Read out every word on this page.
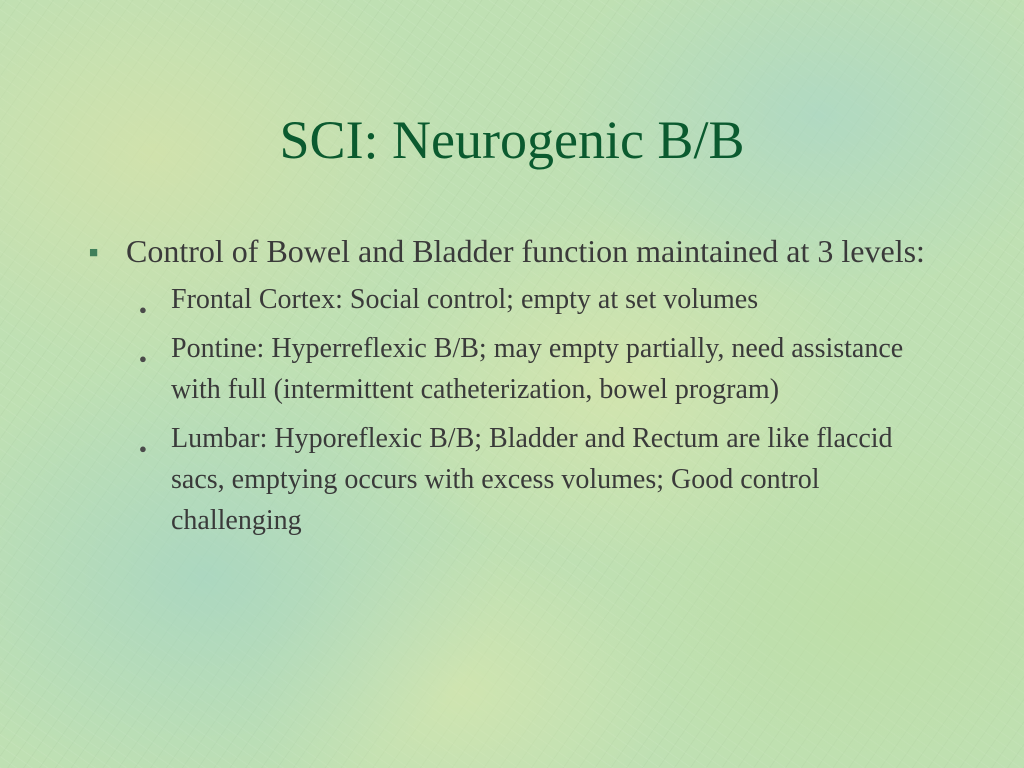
SCI: Neurogenic B/B
■ Control of Bowel and Bladder function maintained at 3 levels:
● Frontal Cortex: Social control; empty at set volumes
● Pontine: Hyperreflexic B/B; may empty partially, need assistance with full (intermittent catheterization, bowel program)
● Lumbar: Hyporeflexic B/B; Bladder and Rectum are like flaccid sacs, emptying occurs with excess volumes; Good control challenging
